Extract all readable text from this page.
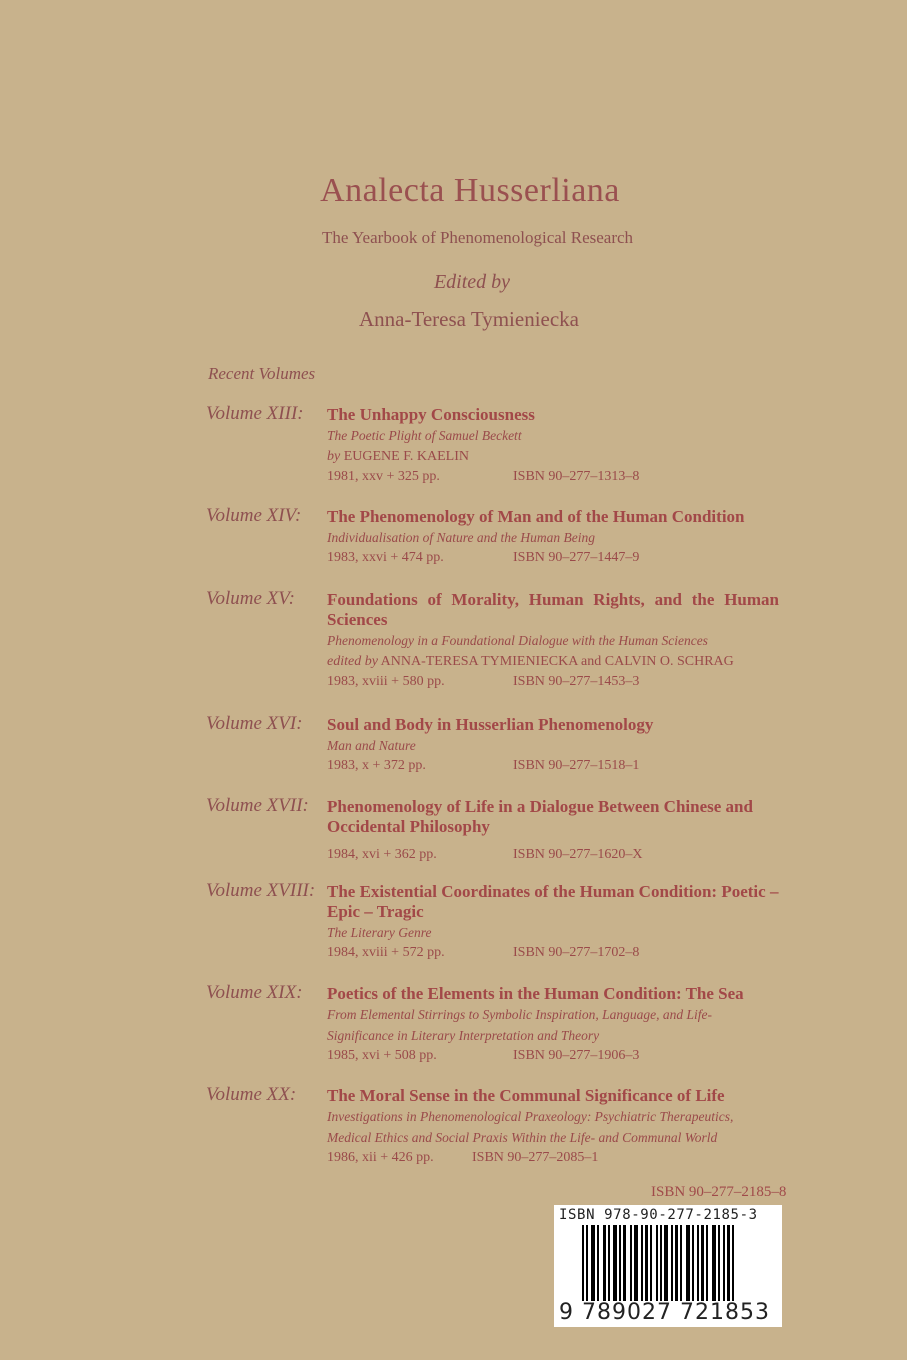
Analecta Husserliana
The Yearbook of Phenomenological Research
Edited by
Anna-Teresa Tymieniecka
Recent Volumes
Volume XIII: The Unhappy Consciousness
The Poetic Plight of Samuel Beckett
by EUGENE F. KAELIN
1981, xxv + 325 pp.	ISBN 90–277–1313–8
Volume XIV: The Phenomenology of Man and of the Human Condition
Individualisation of Nature and the Human Being
1983, xxvi + 474 pp.	ISBN 90–277–1447–9
Volume XV: Foundations of Morality, Human Rights, and the Human Sciences
Phenomenology in a Foundational Dialogue with the Human Sciences
edited by ANNA-TERESA TYMIENIECKA and CALVIN O. SCHRAG
1983, xviii + 580 pp.	ISBN 90–277–1453–3
Volume XVI: Soul and Body in Husserlian Phenomenology
Man and Nature
1983, x + 372 pp.	ISBN 90–277–1518–1
Volume XVII: Phenomenology of Life in a Dialogue Between Chinese and Occidental Philosophy
1984, xvi + 362 pp.	ISBN 90–277–1620–X
Volume XVIII: The Existential Coordinates of the Human Condition: Poetic – Epic – Tragic
The Literary Genre
1984, xviii + 572 pp.	ISBN 90–277–1702–8
Volume XIX: Poetics of the Elements in the Human Condition: The Sea
From Elemental Stirrings to Symbolic Inspiration, Language, and Life-Significance in Literary Interpretation and Theory
1985, xvi + 508 pp.	ISBN 90–277–1906–3
Volume XX: The Moral Sense in the Communal Significance of Life
Investigations in Phenomenological Praxeology: Psychiatric Therapeutics, Medical Ethics and Social Praxis Within the Life- and Communal World
1986, xii + 426 pp.	ISBN 90–277–2085–1
ISBN 90–277–2185–8
ISBN 978-90-277-2185-3
9 789027 721853
